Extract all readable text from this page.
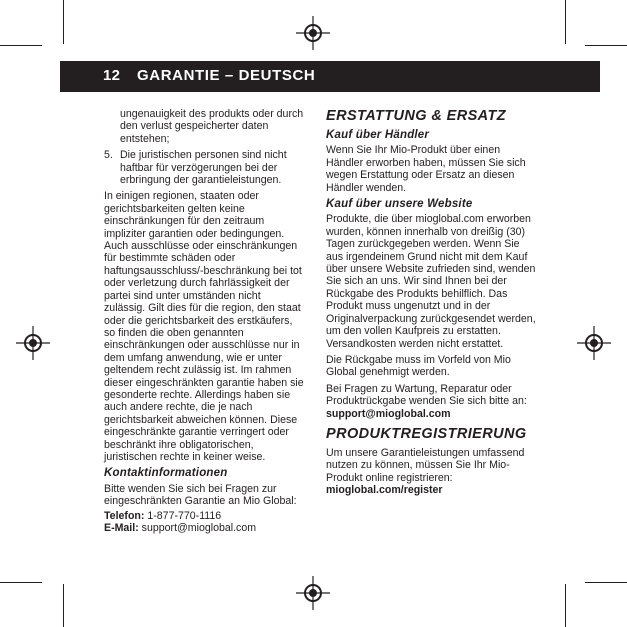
12 GARANTIE – DEUTSCH

ungenauigkeit des produkts oder durch den verlust gespeicherter daten entstehen;

5. Die juristischen personen sind nicht haftbar für verzögerungen bei der erbringung der garantieleistungen.

In einigen regionen, staaten oder gerichtsbarkeiten gelten keine einschränkungen für den zeitraum impliziter garantien oder bedingungen. Auch ausschlüsse oder einschränkungen für bestimmte schäden oder haftungsausschluss/-beschränkung bei tot oder verletzung durch fahrlässigkeit der partei sind unter umständen nicht zulässig. Gilt dies für die region, den staat oder die gerichtsbarkeit des erstkäufers, so finden die oben genannten einschränkungen oder ausschlüsse nur in dem umfang anwendung, wie er unter geltendem recht zulässig ist. Im rahmen dieser eingeschränkten garantie haben sie gesonderte rechte. Allerdings haben sie auch andere rechte, die je nach gerichtsbarkeit abweichen können. Diese eingeschränkte garantie verringert oder beschränkt ihre obligatorischen, juristischen rechte in keiner weise.

Kontaktinformationen

Bitte wenden Sie sich bei Fragen zur eingeschränkten Garantie an Mio Global:

Telefon: 1-877-770-1116
E-Mail: support@mioglobal.com
ERSTATTUNG & ERSATZ
Kauf über Händler

Wenn Sie Ihr Mio-Produkt über einen Händler erworben haben, müssen Sie sich wegen Erstattung oder Ersatz an diesen Händler wenden.

Kauf über unsere Website

Produkte, die über mioglobal.com erworben wurden, können innerhalb von dreißig (30) Tagen zurückgegeben werden. Wenn Sie aus irgendeinem Grund nicht mit dem Kauf über unsere Website zufrieden sind, wenden Sie sich an uns. Wir sind Ihnen bei der Rückgabe des Produkts behilflich. Das Produkt muss ungenutzt und in der Originalverpackung zurückgesendet werden, um den vollen Kaufpreis zu erstatten. Versandkosten werden nicht erstattet.

Die Rückgabe muss im Vorfeld von Mio Global genehmigt werden.

Bei Fragen zu Wartung, Reparatur oder Produktrückgabe wenden Sie sich bitte an:
support@mioglobal.com

PRODUKTREGISTRIERUNG

Um unsere Garantieleistungen umfassend nutzen zu können, müssen Sie Ihr Mio-Produkt online registrieren: mioglobal.com/register
